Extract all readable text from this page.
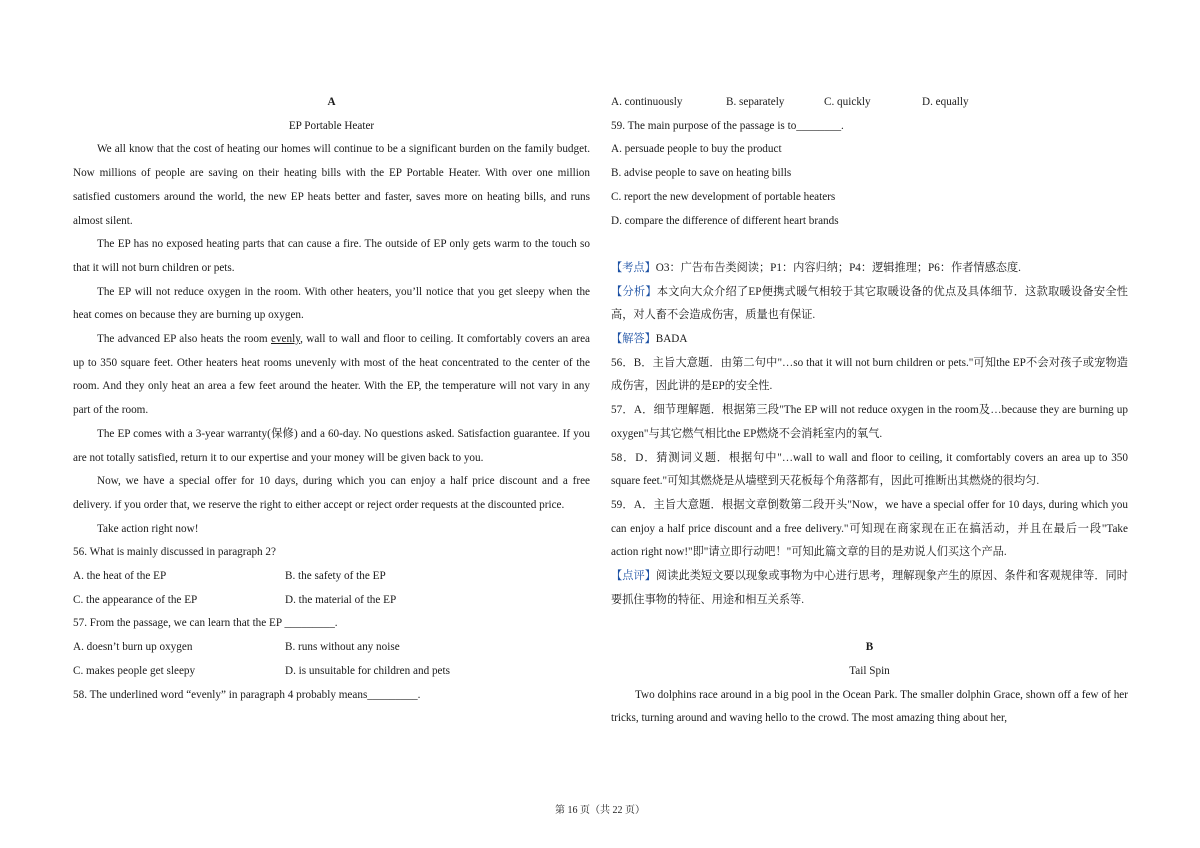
A
EP Portable Heater
We all know that the cost of heating our homes will continue to be a significant burden on the family budget. Now millions of people are saving on their heating bills with the EP Portable Heater. With over one million satisfied customers around the world, the new EP heats better and faster, saves more on heating bills, and runs almost silent.
The EP has no exposed heating parts that can cause a fire. The outside of EP only gets warm to the touch so that it will not burn children or pets.
The EP will not reduce oxygen in the room. With other heaters, you’ll notice that you get sleepy when the heat comes on because they are burning up oxygen.
The advanced EP also heats the room evenly, wall to wall and floor to ceiling. It comfortably covers an area up to 350 square feet. Other heaters heat rooms unevenly with most of the heat concentrated to the center of the room. And they only heat an area a few feet around the heater. With the EP, the temperature will not vary in any part of the room.
The EP comes with a 3-year warranty(保修) and a 60-day. No questions asked. Satisfaction guarantee. If you are not totally satisfied, return it to our expertise and your money will be given back to you.
Now, we have a special offer for 10 days, during which you can enjoy a half price discount and a free delivery. if you order that, we reserve the right to either accept or reject order requests at the discounted price.
Take action right now!
56. What is mainly discussed in paragraph 2?
A. the heat of the EP	B. the safety of the EP
C. the appearance of the EP	D. the material of the EP
57. From the passage, we can learn that the EP _________.
A. doesn’t burn up oxygen	B. runs without any noise
C. makes people get sleepy	D. is unsuitable for children and pets
58. The underlined word “evenly” in paragraph 4 probably means_________.
A. continuously	B. separately	C. quickly	D. equally
59. The main purpose of the passage is to________.
A. persuade people to buy the product
B. advise people to save on heating bills
C. report the new development of portable heaters
D. compare the difference of different heart brands
【考点】O3：广告布告类阅读；P1：内容归纳；P4：逻辑推理；P6：作者情感态度.
【分析】本文向大众介绍了EP便携式暖气相较于其它取暖设备的优点及具体细节．这款取暖设备安全性高，对人畜不会造成伤害，质量也有保证.
【解答】BADA
56．B．主旨大意题．由第二句中"…so that it will not burn children or pets."可知the EP不会对孩子或宠物造成伤害，因此讲的是EP的安全性.
57．A．细节理解题．根据第三段"The EP will not reduce oxygen in the room及…because they are burning up oxygen"与其它燃气相比the EP燃烧不会消耗室内的氧气.
58．D．猜测词义题．根据句中"…wall to wall and floor to ceiling, it comfortably covers an area up to 350 square feet."可知其燃烧是从墙壁到天花板每个角落都有，因此可推断出其燃烧的很均匀.
59．A．主旨大意题．根据文章倒数第二段开头"Now，we have a special offer for 10 days, during which you can enjoy a half price discount and a free delivery."可知现在商家现在正在搞活动，并且在最后一段"Take action right now!"即"请立即行动吧！"可知此篇文章的目的是劝说人们买这个产品.
【点评】阅读此类短文要以现象或事物为中心进行思考，理解现象产生的原因、条件和客观规律等．同时要抓住事物的特征、用途和相互关系等.
B
Tail Spin
Two dolphins race around in a big pool in the Ocean Park. The smaller dolphin Grace, shown off a few of her tricks, turning around and waving hello to the crowd. The most amazing thing about her,
第 16 页（共 22 页）
